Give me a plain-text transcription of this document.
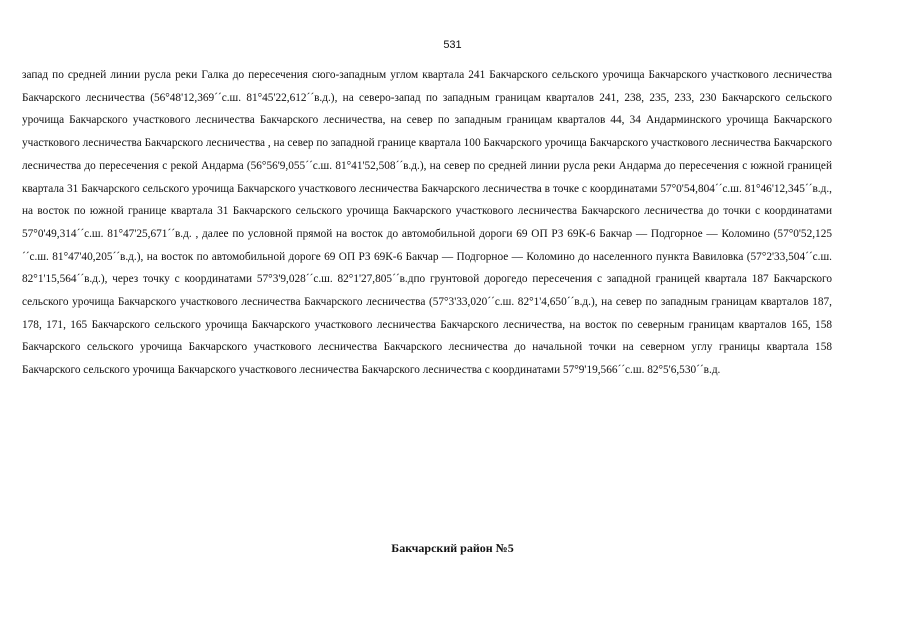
531

запад по средней линии русла реки Галка до пересечения сюго-западным углом квартала 241 Бакчарского сельского урочища Бакчарского участкового лесничества Бакчарского лесничества (56°48'12,369´´с.ш. 81°45'22,612´´в.д.), на северо-запад по западным границам кварталов 241, 238, 235, 233, 230 Бакчарского сельского урочища Бакчарского участкового лесничества Бакчарского лесничества, на север по западным границам кварталов 44, 34 Андарминского урочища Бакчарского участкового лесничества Бакчарского лесничества , на север по западной границе квартала 100 Бакчарского урочища Бакчарского участкового лесничества Бакчарского лесничества до пересечения с рекой Андарма (56°56'9,055´´с.ш. 81°41'52,508´´в.д.), на север по средней линии русла реки Андарма до пересечения с южной границей квартала 31 Бакчарского сельского урочища Бакчарского участкового лесничества Бакчарского лесничества в точке с координатами 57°0'54,804´´с.ш. 81°46'12,345´´в.д., на восток по южной границе квартала 31 Бакчарского сельского урочища Бакчарского участкового лесничества Бакчарского лесничества до точки с координатами 57°0'49,314´´с.ш. 81°47'25,671´´в.д. , далее по условной прямой на восток до автомобильной дороги 69 ОП РЗ 69К-6 Бакчар — Подгорное — Коломино (57°0'52,125´´с.ш. 81°47'40,205´´в.д.), на восток по автомобильной дороге 69 ОП РЗ 69К-6 Бакчар — Подгорное — Коломино до населенного пункта Вавиловка (57°2'33,504´´с.ш. 82°1'15,564´´в.д.), через точку с координатами 57°3'9,028´´с.ш. 82°1'27,805´´в.дпо грунтовой дорогедо пересечения с западной границей квартала 187 Бакчарского сельского урочища Бакчарского участкового лесничества Бакчарского лесничества (57°3'33,020´´с.ш. 82°1'4,650´´в.д.), на север по западным границам кварталов 187, 178, 171, 165 Бакчарского сельского урочища Бакчарского участкового лесничества Бакчарского лесничества, на восток по северным границам кварталов 165, 158 Бакчарского сельского урочища Бакчарского участкового лесничества Бакчарского лесничества до начальной точки на северном углу границы квартала 158 Бакчарского сельского урочища Бакчарского участкового лесничества Бакчарского лесничества с координатами 57°9'19,566´´с.ш. 82°5'6,530´´в.д.

Бакчарский район №5
